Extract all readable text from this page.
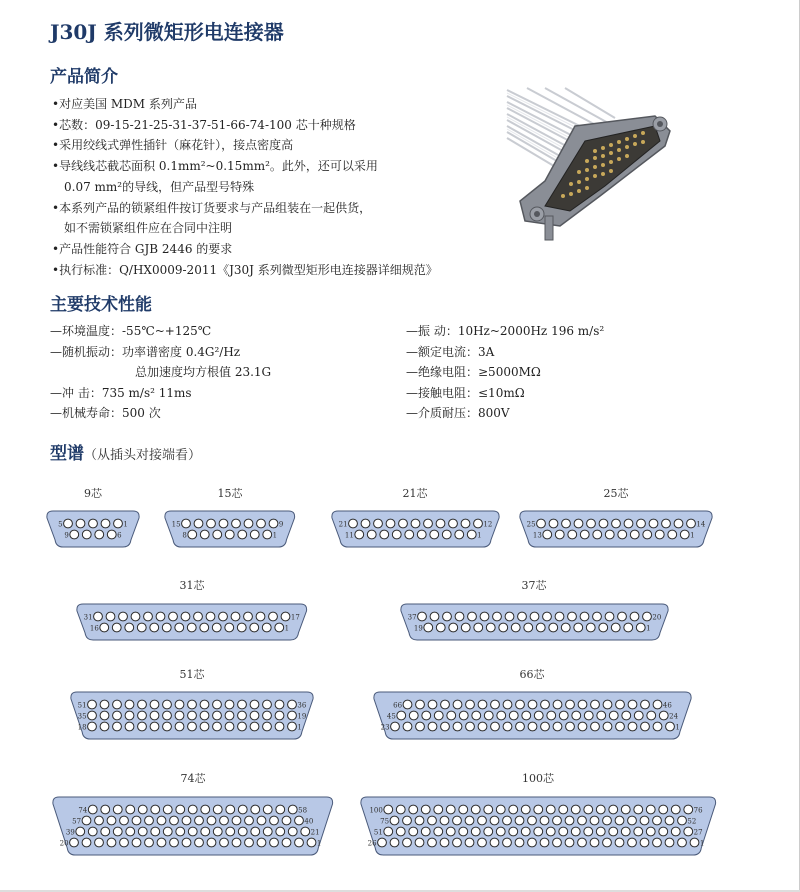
J30J 系列微矩形电连接器
产品简介
•对应美国 MDM 系列产品
•芯数：09-15-21-25-31-37-51-66-74-100 芯十种规格
•采用绞线式弹性插针（麻花针），接点密度高
•导线线芯截芯面积 0.1mm²~0.15mm²。此外，还可以采用
0.07 mm²的导线，但产品型号特殊
•本系列产品的锁紧组件按订货要求与产品组装在一起供货，
如不需锁紧组件应在合同中注明
•产品性能符合 GJB 2446 的要求
•执行标准：Q/HX0009-2011《J30J 系列微型矩形电连接器详细规范》
主要技术性能
—环境温度：-55℃~+125℃
—随机振动：功率谱密度 0.4G²/Hz
总加速度均方根值 23.1G
—冲 击：735 m/s² 11ms
—机械寿命：500 次
—振 动：10Hz~2000Hz 196 m/s²
—额定电流：3A
—绝缘电阻：≥5000MΩ
—接触电阻：≤10mΩ
—介质耐压：800V
型谱（从插头对接端看）
9芯
5	1
9	6
15芯
15	9
8	1
21芯
21	12
11	1
25芯
25	14
13	1
31芯
31	17
16	1
37芯
37	20
19	1
51芯
51	36
35	19
18	1
66芯
66	46
45	24
23	1
74芯
74	58
57	40
39	21
20	1
100芯
100	76
75	52
51	27
26	1
